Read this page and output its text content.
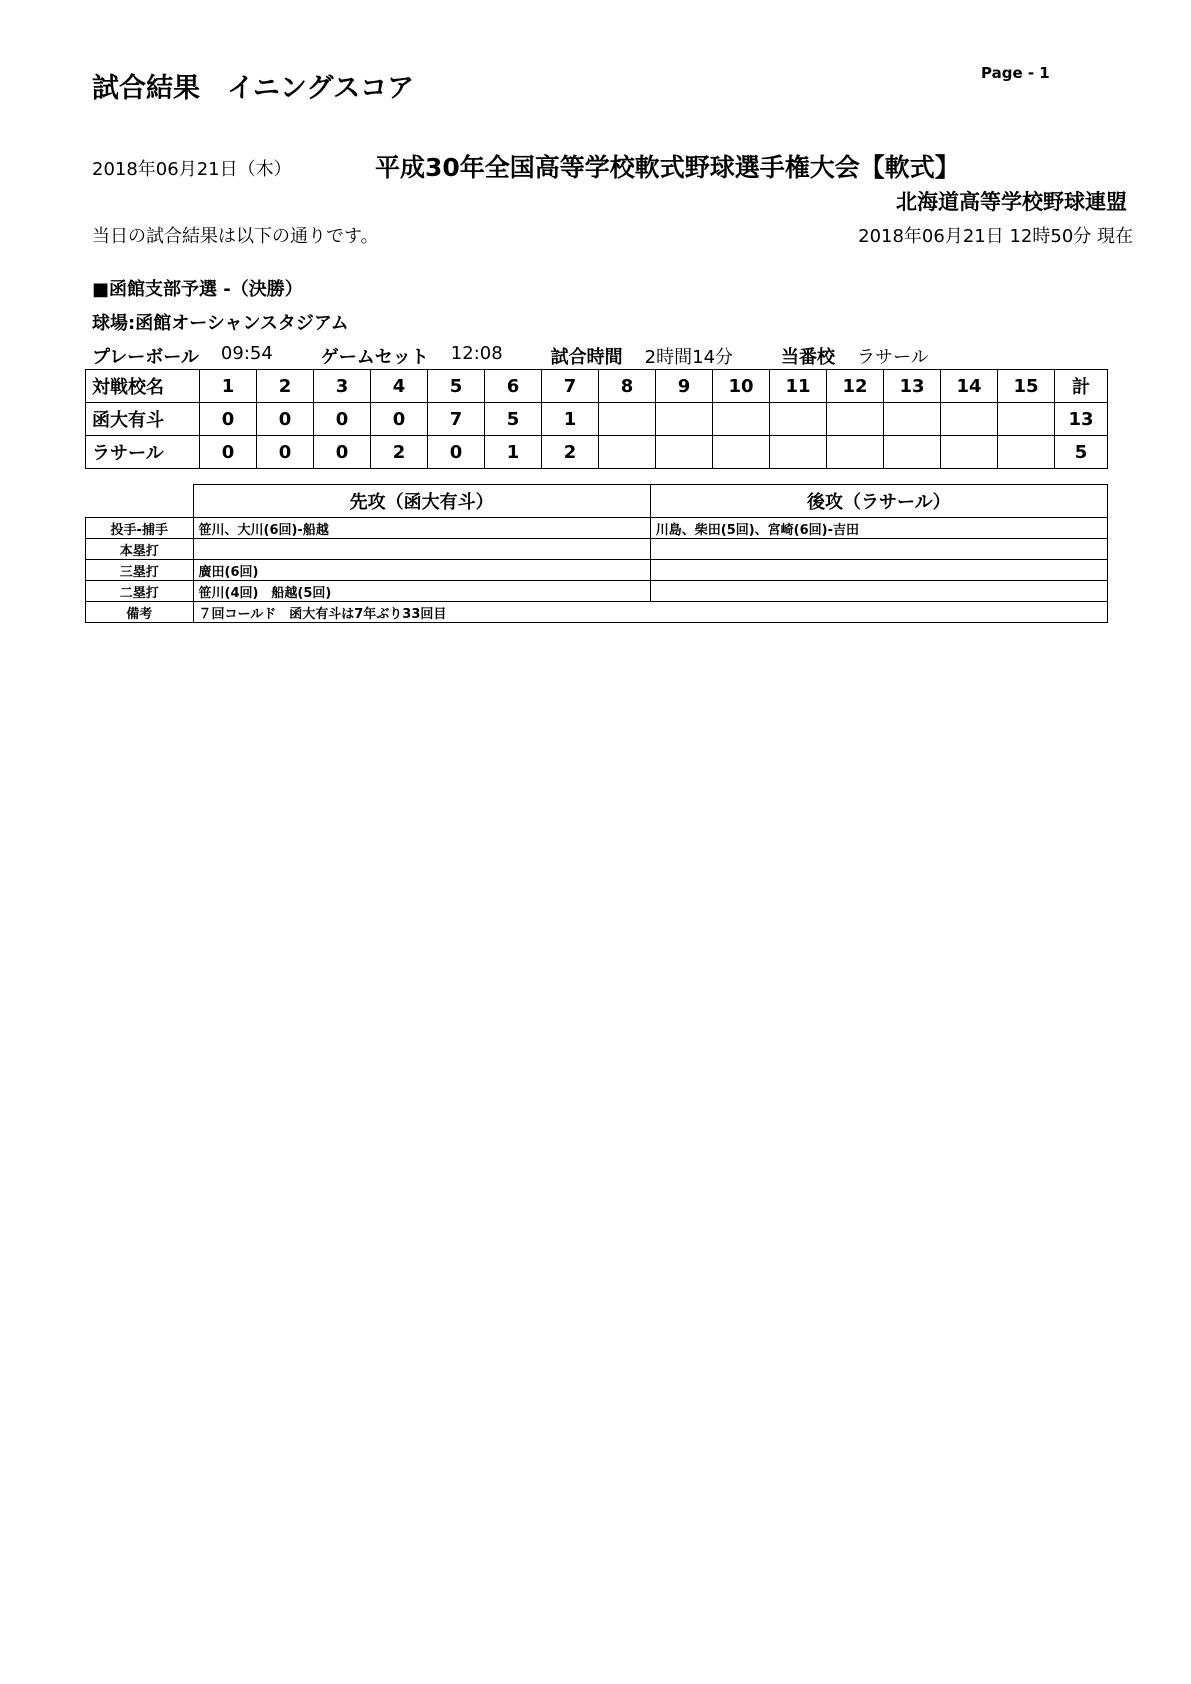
試合結果　イニングスコア	Page - 1
2018年06月21日（木）	平成30年全国高等学校軟式野球選手権大会【軟式】
北海道高等学校野球連盟
当日の試合結果は以下の通りです。	2018年06月21日 12時50分 現在
■函館支部予選 -（決勝）
球場:函館オーシャンスタジアム
プレーボール 09:54	ゲームセット 12:08	試合時間 2時間14分	当番校 ラサール
対戦校名	1	2	3	4	5	6	7	8	9	10	11	12	13	14	15	計
函大有斗	0	0	0	0	7	5	1									13
ラサール	0	0	0	2	0	1	2									5
	先攻（函大有斗）	後攻（ラサール）
投手-捕手	笹川、大川(6回)-船越	川島、柴田(5回)、宮崎(6回)-吉田
本塁打		
三塁打	廣田(6回)	
二塁打	笹川(4回)　船越(5回)	
備考	７回コールド　函大有斗は7年ぶり33回目	
